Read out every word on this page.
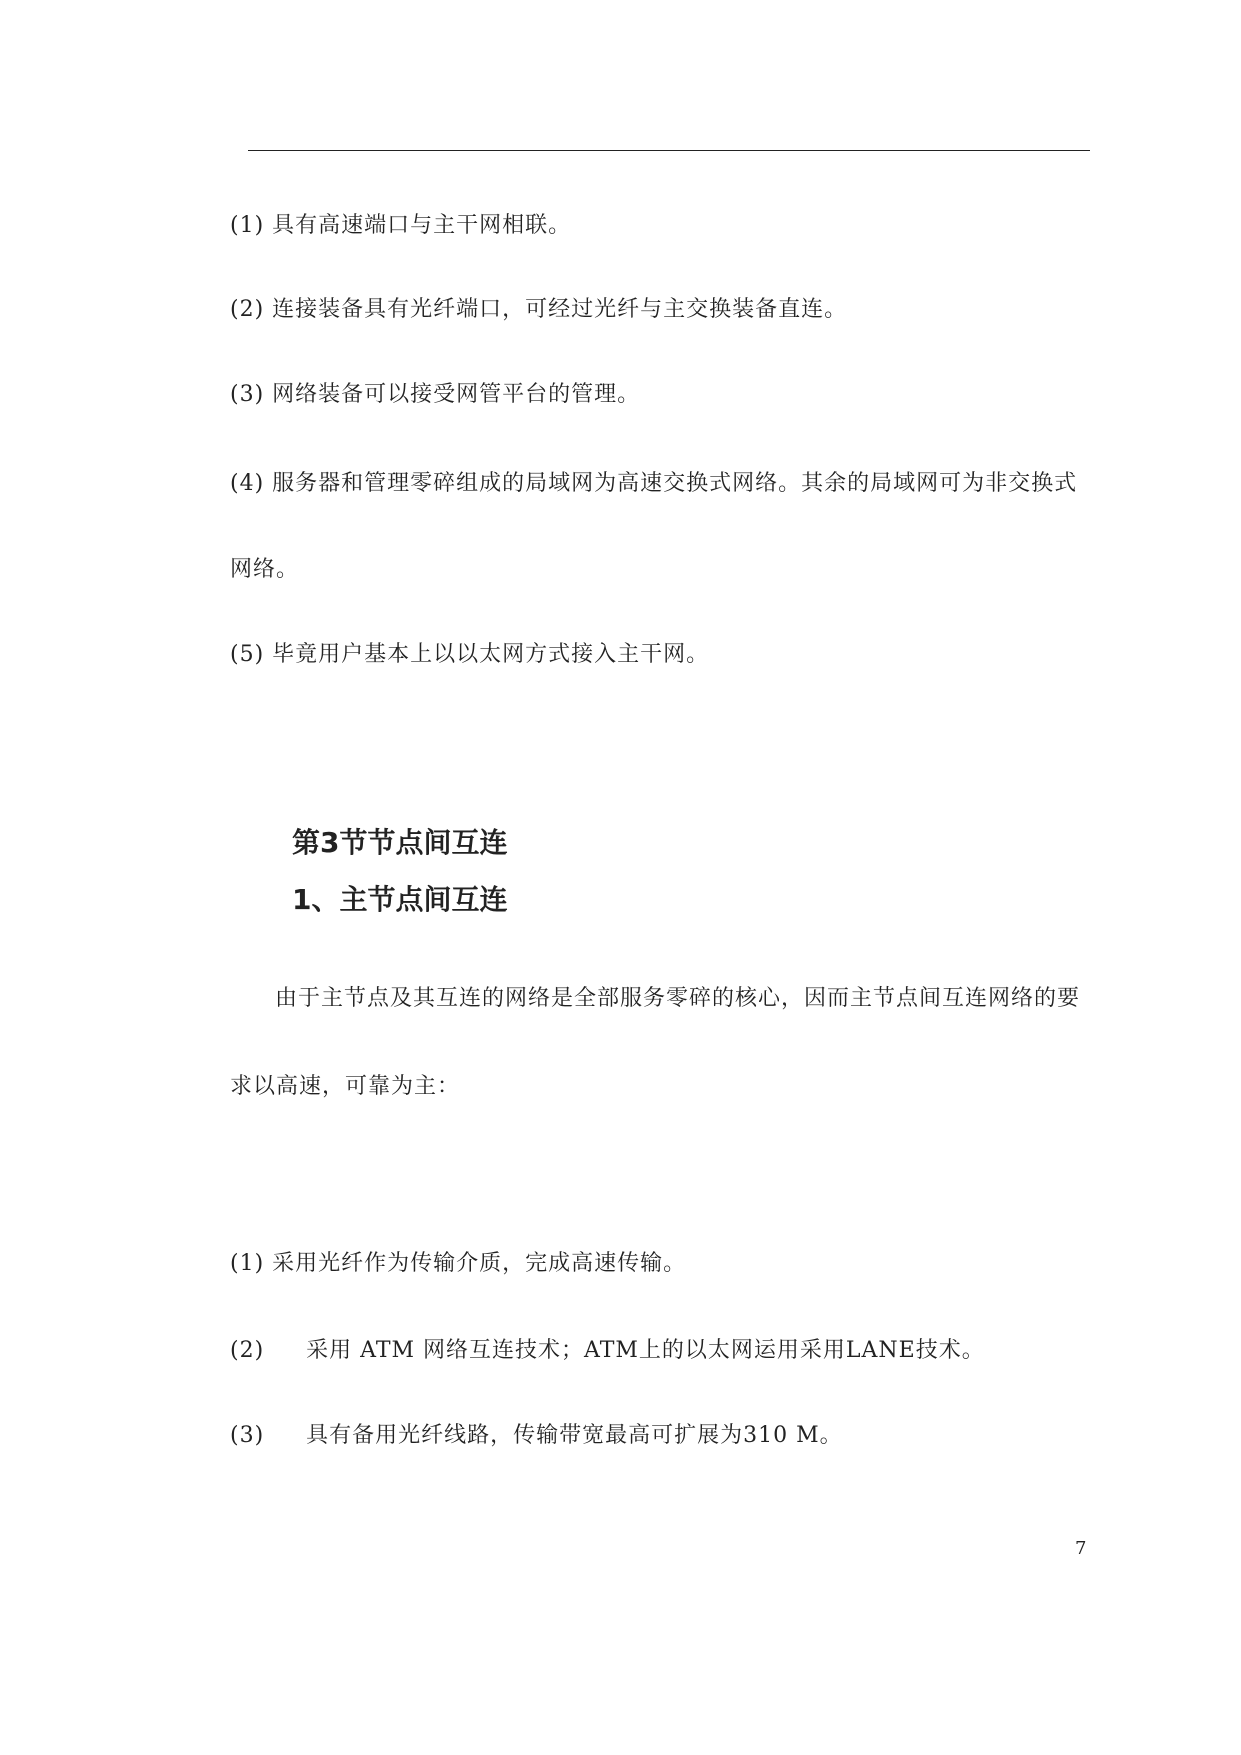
(1) 具有高速端口与主干网相联。
(2) 连接装备具有光纤端口，可经过光纤与主交换装备直连。
(3) 网络装备可以接受网管平台的管理。
(4) 服务器和管理零碎组成的局域网为高速交换式网络。其余的局域网可为非交换式
网络。
(5) 毕竟用户基本上以以太网方式接入主干网。
第3节节点间互连
1、主节点间互连
由于主节点及其互连的网络是全部服务零碎的核心，因而主节点间互连网络的要
求以高速，可靠为主：
(1) 采用光纤作为传输介质，完成高速传输。
(2) 采用 ATM 网络互连技术；ATM上的以太网运用采用LANE技术。
(3) 具有备用光纤线路，传输带宽最高可扩展为310 M。
7
